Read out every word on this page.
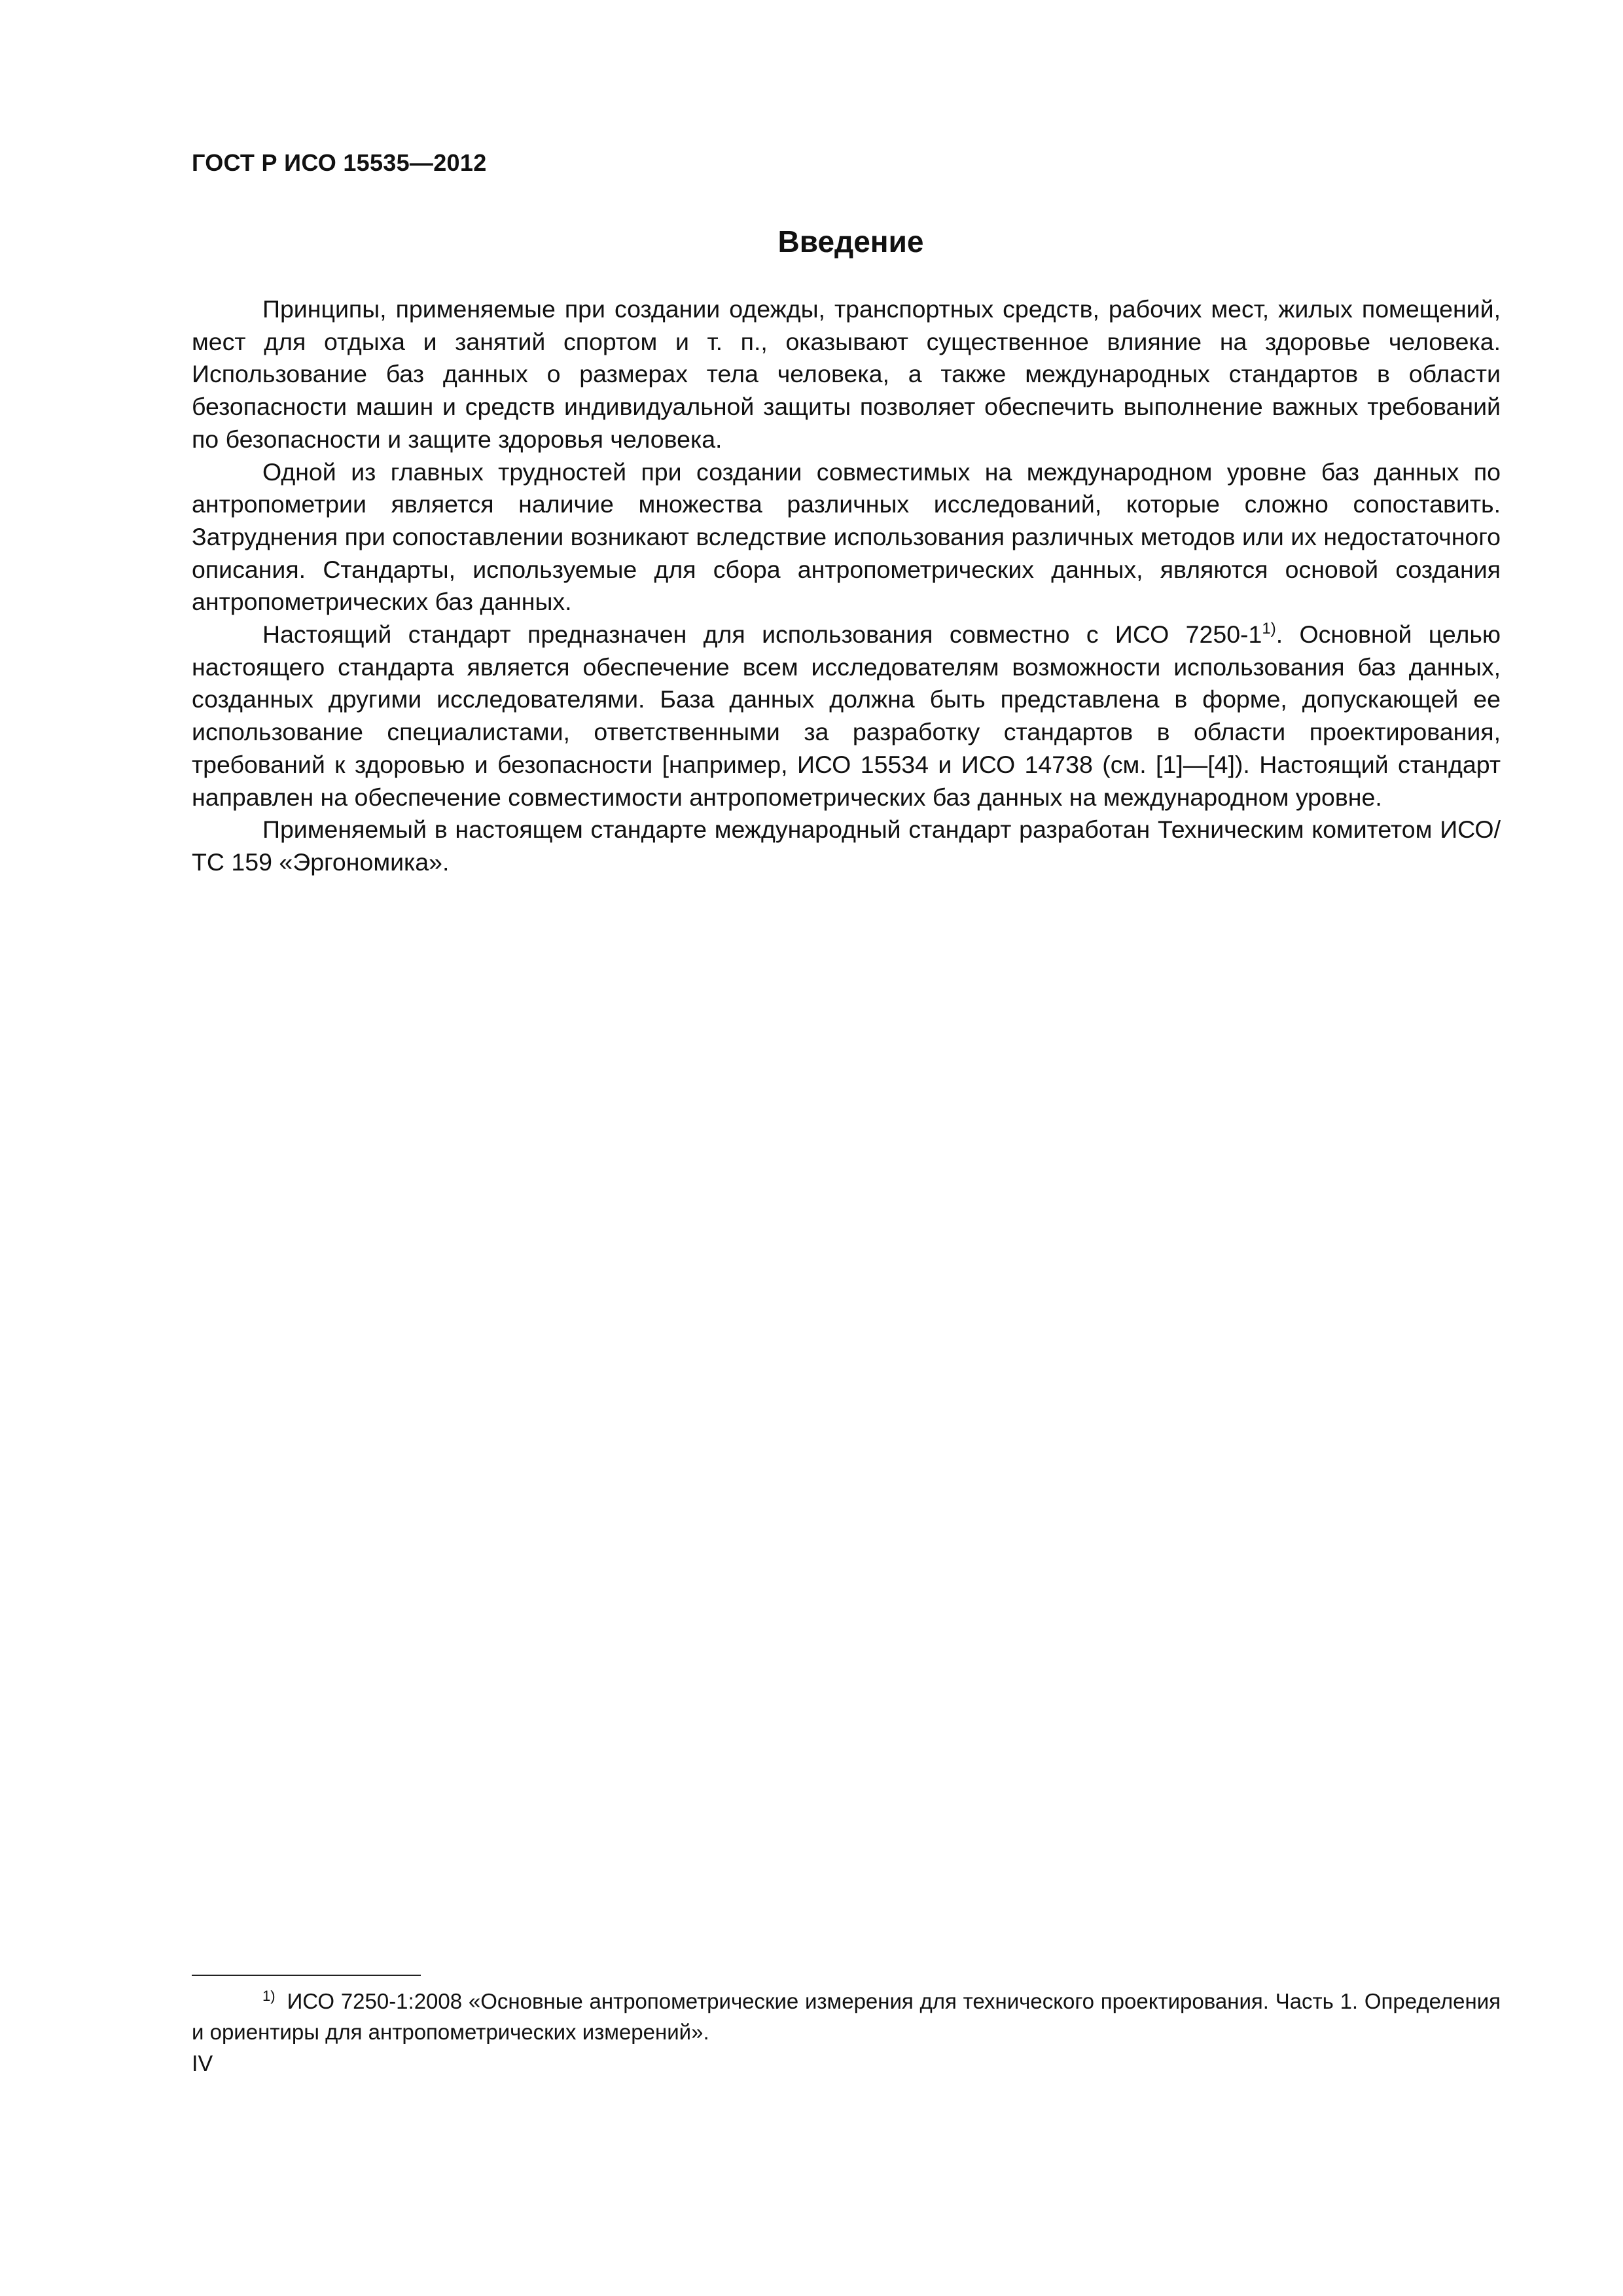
ГОСТ Р ИСО 15535—2012
Введение

Принципы, применяемые при создании одежды, транспортных средств, рабочих мест, жилых помещений, мест для отдыха и занятий спортом и т. п., оказывают существенное влияние на здоровье человека. Использование баз данных о размерах тела человека, а также международных стандартов в области безопасности машин и средств индивидуальной защиты позволяет обеспечить выполнение важных требований по безопасности и защите здоровья человека.

Одной из главных трудностей при создании совместимых на международном уровне баз данных по антропометрии является наличие множества различных исследований, которые сложно сопоставить. Затруднения при сопоставлении возникают вследствие использования различных методов или их недостаточного описания. Стандарты, используемые для сбора антропометрических данных, являются основой создания антропометрических баз данных.

Настоящий стандарт предназначен для использования совместно с ИСО 7250-1$^{1)}$. Основной целью настоящего стандарта является обеспечение всем исследователям возможности использования баз данных, созданных другими исследователями. База данных должна быть представлена в форме, допускающей ее использование специалистами, ответственными за разработку стандартов в области проектирования, требований к здоровью и безопасности [например, ИСО 15534 и ИСО 14738 (см. [1]—[4]). Настоящий стандарт направлен на обеспечение совместимости антропометрических баз данных на международном уровне.

Применяемый в настоящем стандарте международный стандарт разработан Техническим комитетом ИСО/ТС 159 «Эргономика».

$^{1)}$ ИСО 7250-1:2008 «Основные антропометрические измерения для технического проектирования. Часть 1. Определения и ориентиры для антропометрических измерений».

IV
